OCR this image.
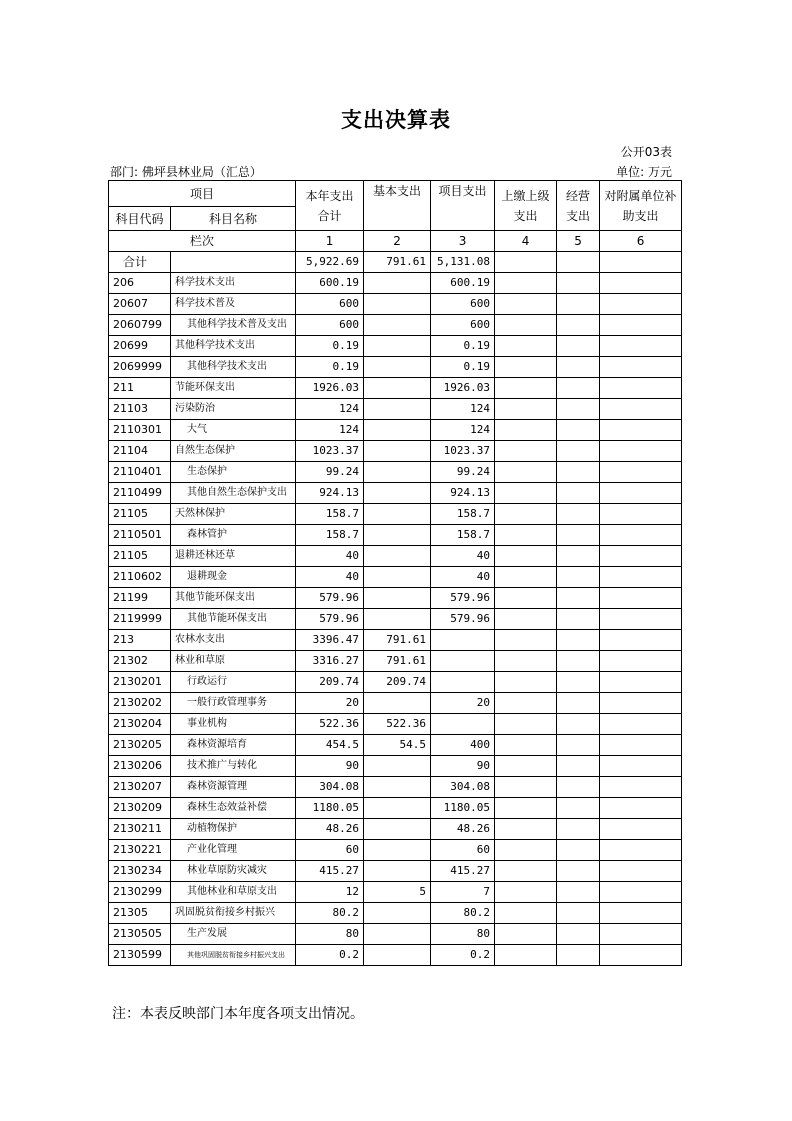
支出决算表
公开03表
部门: 佛坪县林业局（汇总）	单位: 万元
项目		本年支出合计	基本支出	项目支出	上缴上级支出	经营支出	对附属单位补助支出
科目代码	科目名称						
栏次		1	2	3	4	5	6
合计		5,922.69	791.61	5,131.08			
206	科学技术支出	600.19		600.19			
20607	科学技术普及	600		600			
2060799	其他科学技术普及支出	600		600			
20699	其他科学技术支出	0.19		0.19			
2069999	其他科学技术支出	0.19		0.19			
211	节能环保支出	1926.03		1926.03			
21103	污染防治	124		124			
2110301	大气	124		124			
21104	自然生态保护	1023.37		1023.37			
2110401	生态保护	99.24		99.24			
2110499	其他自然生态保护支出	924.13		924.13			
21105	天然林保护	158.7		158.7			
2110501	森林管护	158.7		158.7			
21105	退耕还林还草	40		40			
2110602	退耕现金	40		40			
21199	其他节能环保支出	579.96		579.96			
2119999	其他节能环保支出	579.96		579.96			
213	农林水支出	3396.47	791.61				
21302	林业和草原	3316.27	791.61				
2130201	行政运行	209.74	209.74				
2130202	一般行政管理事务	20		20			
2130204	事业机构	522.36	522.36				
2130205	森林资源培育	454.5	54.5	400			
2130206	技术推广与转化	90		90			
2130207	森林资源管理	304.08		304.08			
2130209	森林生态效益补偿	1180.05		1180.05			
2130211	动植物保护	48.26		48.26			
2130221	产业化管理	60		60			
2130234	林业草原防灾减灾	415.27		415.27			
2130299	其他林业和草原支出	12	5	7			
21305	巩固脱贫衔接乡村振兴	80.2		80.2			
2130505	生产发展	80		80			
2130599	其他巩固脱贫衔接乡村振兴支出	0.2		0.2			
注：本表反映部门本年度各项支出情况。
